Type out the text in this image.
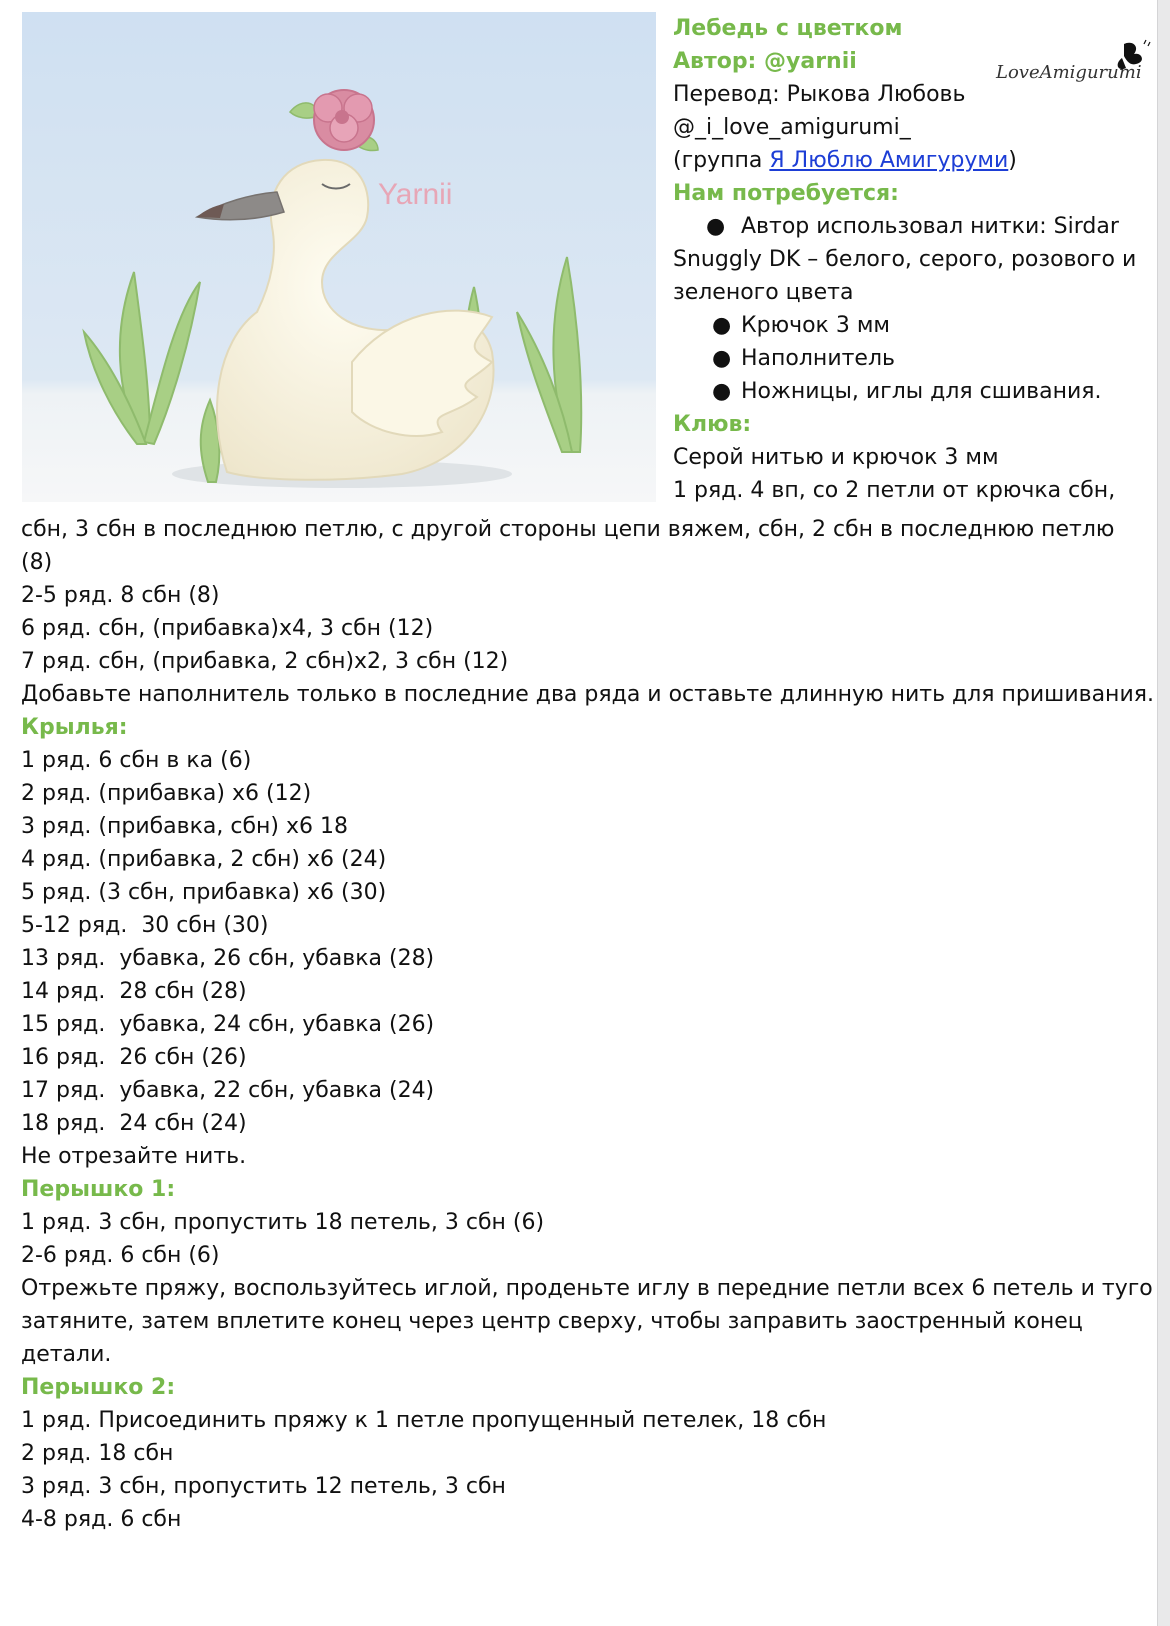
Yarnii
LoveAmigurumi
Лебедь с цветком
Автор: @yarnii
Перевод: Рыкова Любовь
@_i_love_amigurumi_
(группа Я Люблю Амигуруми)
Нам потребуется:
● Автор использовал нитки: Sirdar Snuggly DK – белого, серого, розового и зеленого цвета
● Крючок 3 мм
● Наполнитель
● Ножницы, иглы для сшивания.
Клюв:
Серой нитью и крючок 3 мм
1 ряд. 4 вп, со 2 петли от крючка сбн,
сбн, 3 сбн в последнюю петлю, с другой стороны цепи вяжем, сбн, 2 сбн в последнюю петлю
(8)
2-5 ряд. 8 сбн (8)
6 ряд. сбн, (прибавка)х4, 3 сбн (12)
7 ряд. сбн, (прибавка, 2 сбн)х2, 3 сбн (12)
Добавьте наполнитель только в последние два ряда и оставьте длинную нить для пришивания.
Крылья:
1 ряд. 6 сбн в ка (6)
2 ряд. (прибавка) х6 (12)
3 ряд. (прибавка, сбн) х6 18
4 ряд. (прибавка, 2 сбн) х6 (24)
5 ряд. (3 сбн, прибавка) х6 (30)
5-12 ряд.  30 сбн (30)
13 ряд.  убавка, 26 сбн, убавка (28)
14 ряд.  28 сбн (28)
15 ряд.  убавка, 24 сбн, убавка (26)
16 ряд.  26 сбн (26)
17 ряд.  убавка, 22 сбн, убавка (24)
18 ряд.  24 сбн (24)
Не отрезайте нить.
Перышко 1:
1 ряд. 3 сбн, пропустить 18 петель, 3 сбн (6)
2-6 ряд. 6 сбн (6)
Отрежьте пряжу, воспользуйтесь иглой, проденьте иглу в передние петли всех 6 петель и туго
затяните, затем вплетите конец через центр сверху, чтобы заправить заостренный конец
детали.
Перышко 2:
1 ряд. Присоединить пряжу к 1 петле пропущенный петелек, 18 сбн
2 ряд. 18 сбн
3 ряд. 3 сбн, пропустить 12 петель, 3 сбн
4-8 ряд. 6 сбн
